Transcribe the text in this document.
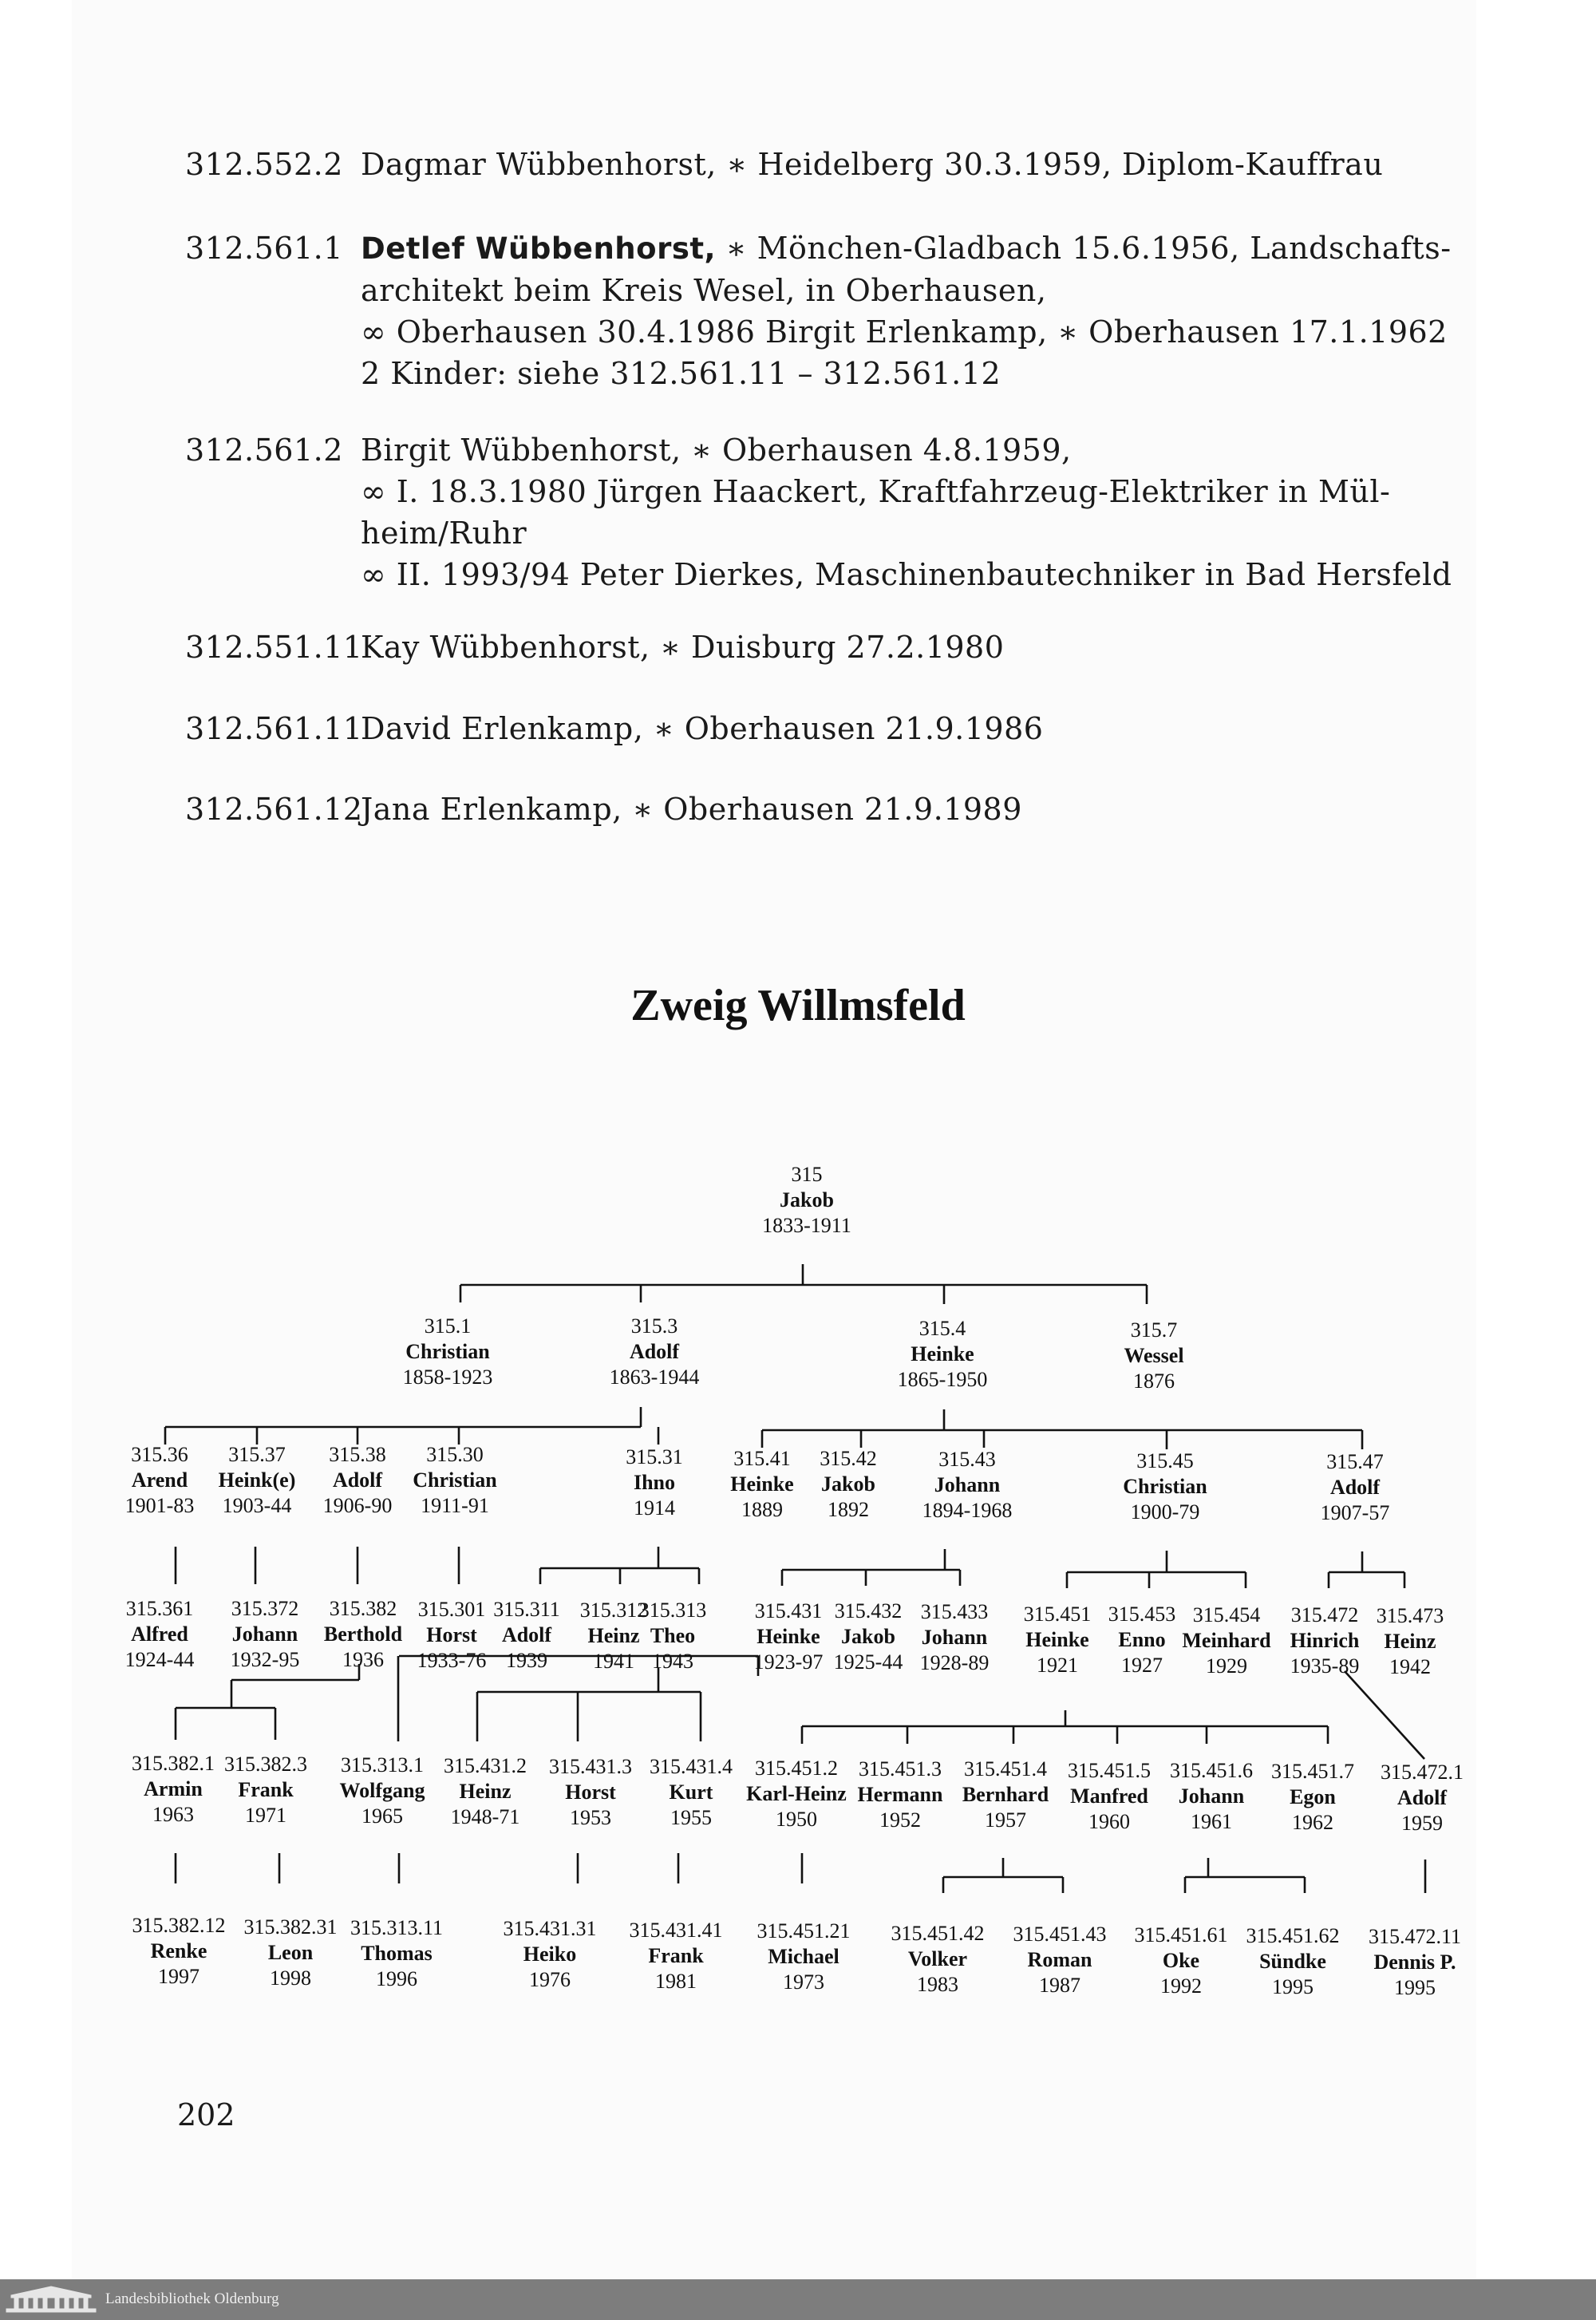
312.552.2 Dagmar Wübbenhorst, ∗ Heidelberg 30.3.1959, Diplom-Kauffrau
312.561.1 Detlef Wübbenhorst, ∗ Mönchen-Gladbach 15.6.1956, Landschafts-
architekt beim Kreis Wesel, in Oberhausen,
∞ Oberhausen 30.4.1986 Birgit Erlenkamp, ∗ Oberhausen 17.1.1962
2 Kinder: siehe 312.561.11 – 312.561.12
312.561.2 Birgit Wübbenhorst, ∗ Oberhausen 4.8.1959,
∞ I. 18.3.1980 Jürgen Haackert, Kraftfahrzeug-Elektriker in Mül-
heim/Ruhr
∞ II. 1993/94 Peter Dierkes, Maschinenbautechniker in Bad Hersfeld
312.551.11
Kay Wübbenhorst, ∗ Duisburg 27.2.1980
312.561.11
David Erlenkamp, ∗ Oberhausen 21.9.1986
312.561.12
Jana Erlenkamp, ∗ Oberhausen 21.9.1989
Zweig Willmsfeld
315
Jakob
1833-1911
315.1
Christian
1858-1923
315.3
Adolf
1863-1944
315.4
Heinke
1865-1950
315.7
Wessel
1876
315.36
Arend
1901-83
315.37
Heink(e)
1903-44
315.38
Adolf
1906-90
315.30
Christian
1911-91
315.31
Ihno
1914
315.41
Heinke
1889
315.42
Jakob
1892
315.43
Johann
1894-1968
315.45
Christian
1900-79
315.47
Adolf
1907-57
315.361
Alfred
1924-44
315.372
Johann
1932-95
315.382
Berthold
1936
315.301
Horst
1933-76
315.311
Adolf
1939
315.312
Heinz
1941
315.313
Theo
1943
315.431
Heinke
1923-97
315.432
Jakob
1925-44
315.433
Johann
1928-89
315.451
Heinke
1921
315.453
Enno
1927
315.454
Meinhard
1929
315.472
Hinrich
1935-89
315.473
Heinz
1942
315.382.1
Armin
1963
315.382.3
Frank
1971
315.313.1
Wolfgang
1965
315.431.2
Heinz
1948-71
315.431.3
Horst
1953
315.431.4
Kurt
1955
315.451.2
Karl-Heinz
1950
315.451.3
Hermann
1952
315.451.4
Bernhard
1957
315.451.5
Manfred
1960
315.451.6
Johann
1961
315.451.7
Egon
1962
315.472.1
Adolf
1959
315.382.12
Renke
1997
315.382.31
Leon
1998
315.313.11
Thomas
1996
315.431.31
Heiko
1976
315.431.41
Frank
1981
315.451.21
Michael
1973
315.451.42
Volker
1983
315.451.43
Roman
1987
315.451.61
Oke
1992
315.451.62
Sündke
1995
315.472.11
Dennis P.
1995
202
Landesbibliothek Oldenburg
